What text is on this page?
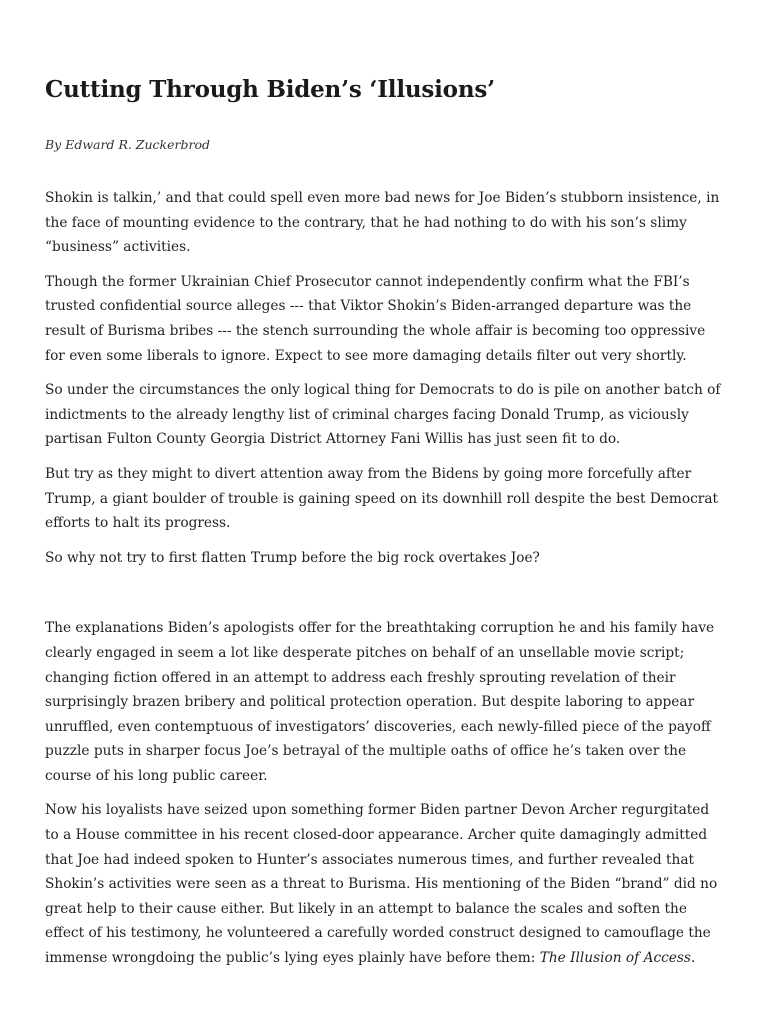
Cutting Through Biden’s ‘Illusions’

By Edward R. Zuckerbrod

Shokin is talkin,’ and that could spell even more bad news for Joe Biden’s stubborn insistence, in the face of mounting evidence to the contrary, that he had nothing to do with his son’s slimy “business” activities.

Though the former Ukrainian Chief Prosecutor cannot independently confirm what the FBI’s trusted confidential source alleges --- that Viktor Shokin’s Biden-arranged departure was the result of Burisma bribes --- the stench surrounding the whole affair is becoming too oppressive for even some liberals to ignore. Expect to see more damaging details filter out very shortly.

So under the circumstances the only logical thing for Democrats to do is pile on another batch of indictments to the already lengthy list of criminal charges facing Donald Trump, as viciously partisan Fulton County Georgia District Attorney Fani Willis has just seen fit to do.

But try as they might to divert attention away from the Bidens by going more forcefully after Trump, a giant boulder of trouble is gaining speed on its downhill roll despite the best Democrat efforts to halt its progress.

So why not try to first flatten Trump before the big rock overtakes Joe?

The explanations Biden’s apologists offer for the breathtaking corruption he and his family have clearly engaged in seem a lot like desperate pitches on behalf of an unsellable movie script; changing fiction offered in an attempt to address each freshly sprouting revelation of their surprisingly brazen bribery and political protection operation. But despite laboring to appear unruffled, even contemptuous of investigators’ discoveries, each newly-filled piece of the payoff puzzle puts in sharper focus Joe’s betrayal of the multiple oaths of office he’s taken over the course of his long public career.

Now his loyalists have seized upon something former Biden partner Devon Archer regurgitated to a House committee in his recent closed-door appearance. Archer quite damagingly admitted that Joe had indeed spoken to Hunter’s associates numerous times, and further revealed that Shokin’s activities were seen as a threat to Burisma. His mentioning of the Biden “brand” did no great help to their cause either. But likely in an attempt to balance the scales and soften the effect of his testimony, he volunteered a carefully worded construct designed to camouflage the immense wrongdoing the public’s lying eyes plainly have before them: The Illusion of Access.
